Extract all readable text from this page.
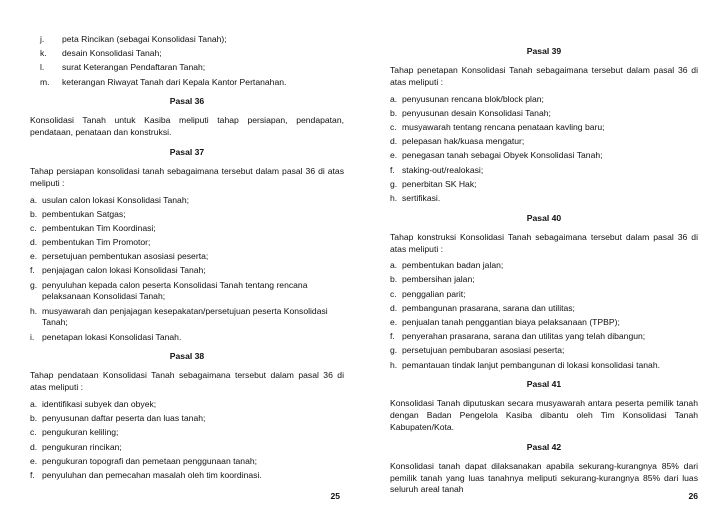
j.	peta Rincikan (sebagai Konsolidasi Tanah);
k.	desain Konsolidasi Tanah;
l.	surat Keterangan Pendaftaran Tanah;
m.	keterangan Riwayat Tanah dari Kepala Kantor Pertanahan.
Pasal 36

Konsolidasi Tanah untuk Kasiba meliputi tahap persiapan, pendapatan, pendataan, penataan dan konstruksi.

Pasal 37

Tahap persiapan konsolidasi tanah sebagaimana tersebut dalam pasal 36 di atas meliputi :

a. usulan calon lokasi Konsolidasi Tanah;
b. pembentukan Satgas;
c. pembentukan Tim Koordinasi;
d. pembentukan Tim Promotor;
e. persetujuan pembentukan asosiasi peserta;
f. penjajagan calon lokasi Konsolidasi Tanah;
g. penyuluhan kepada calon peserta Konsolidasi Tanah tentang rencana pelaksanaan Konsolidasi Tanah;
h. musyawarah dan penjajagan kesepakatan/persetujuan peserta Konsolidasi Tanah;
i. penetapan lokasi Konsolidasi Tanah.
Pasal 38

Tahap pendataan Konsolidasi Tanah sebagaimana tersebut dalam pasal 36 di atas meliputi :

a. identifikasi subyek dan obyek;
b. penyusunan daftar peserta dan luas tanah;
c. pengukuran keliling;
d. pengukuran rincikan;
e. pengukuran topografi dan pemetaan penggunaan tanah;
f. penyuluhan dan pemecahan masalah oleh tim koordinasi.
25
Pasal 39

Tahap penetapan Konsolidasi Tanah sebagaimana tersebut dalam pasal 36 di atas meliputi :

a. penyusunan rencana blok/block plan;
b. penyusunan desain Konsolidasi Tanah;
c. musyawarah tentang rencana penataan kavling baru;
d. pelepasan hak/kuasa mengatur;
e. penegasan tanah sebagai Obyek Konsolidasi Tanah;
f. staking-out/realokasi;
g. penerbitan SK Hak;
h. sertifikasi.
Pasal 40

Tahap konstruksi Konsolidasi Tanah sebagaimana tersebut dalam pasal 36 di atas meliputi :

a. pembentukan badan jalan;
b. pembersihan jalan;
c. penggalian parit;
d. pembangunan prasarana, sarana dan utilitas;
e. penjualan tanah penggantian biaya pelaksanaan (TPBP);
f. penyerahan prasarana, sarana dan utilitas yang telah dibangun;
g. persetujuan pembubaran asosiasi peserta;
h. pemantauan tindak lanjut pembangunan di lokasi konsolidasi tanah.
Pasal 41

Konsolidasi Tanah diputuskan secara musyawarah antara peserta pemilik tanah dengan Badan Pengelola Kasiba dibantu oleh Tim Konsolidasi Tanah Kabupaten/Kota.

Pasal 42

Konsolidasi tanah dapat dilaksanakan apabila sekurang-kurangnya 85% dari pemilik tanah yang luas tanahnya meliputi sekurang-kurangnya 85% dari luas seluruh areal tanah

26
